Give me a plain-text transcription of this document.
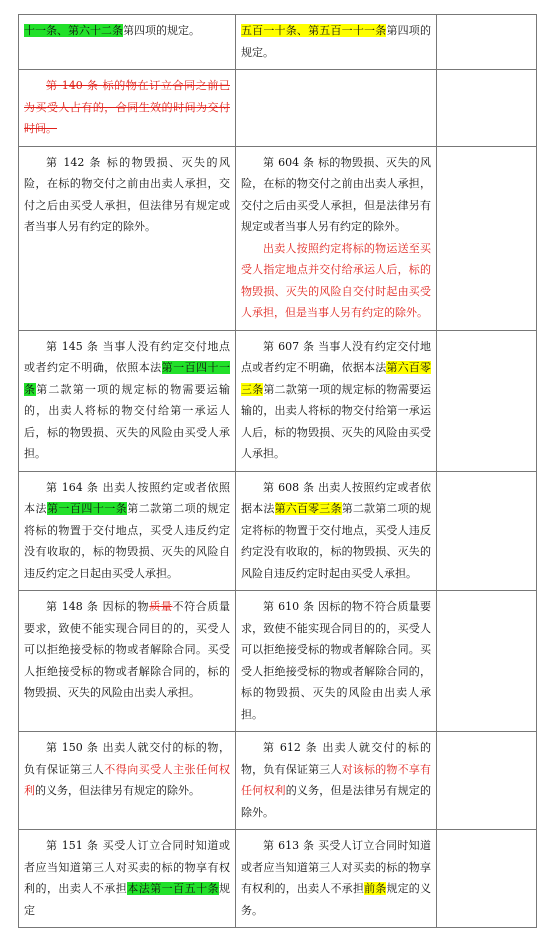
十一条、第六十二条第四项的规定。	五百一十条、第五百一十一条第四项的规定。	

第 140 条 标的物在订立合同之前已为买受人占有的，合同生效的时间为交付时间。		

第 142 条 标的物毁损、灭失的风险，在标的物交付之前由出卖人承担，交付之后由买受人承担，但法律另有规定或者当事人另有约定的除外。	第 604 条 标的物毁损、灭失的风险，在标的物交付之前由出卖人承担，交付之后由买受人承担，但是法律另有规定或者当事人另有约定的除外。

出卖人按照约定将标的物运送至买受人指定地点并交付给承运人后，标的物毁损、灭失的风险自交付时起由买受人承担，但是当事人另有约定的除外。	

第 145 条 当事人没有约定交付地点或者约定不明确，依照本法第一百四十一条第二款第一项的规定标的物需要运输的，出卖人将标的物交付给第一承运人后，标的物毁损、灭失的风险由买受人承担。	第 607 条 当事人没有约定交付地点或者约定不明确，依据本法第六百零三条第二款第一项的规定标的物需要运输的，出卖人将标的物交付给第一承运人后，标的物毁损、灭失的风险由买受人承担。	

第 164 条 出卖人按照约定或者依照本法第一百四十一条第二款第二项的规定将标的物置于交付地点，买受人违反约定没有收取的，标的物毁损、灭失的风险自违反约定之日起由买受人承担。	第 608 条 出卖人按照约定或者依据本法第六百零三条第二款第二项的规定将标的物置于交付地点，买受人违反约定没有收取的，标的物毁损、灭失的风险自违反约定时起由买受人承担。	

第 148 条 因标的物质量不符合质量要求，致使不能实现合同目的的，买受人可以拒绝接受标的物或者解除合同。买受人拒绝接受标的物或者解除合同的，标的物毁损、灭失的风险由出卖人承担。	第 610 条 因标的物不符合质量要求，致使不能实现合同目的的，买受人可以拒绝接受标的物或者解除合同。买受人拒绝接受标的物或者解除合同的，标的物毁损、灭失的风险由出卖人承担。	

第 150 条 出卖人就交付的标的物，负有保证第三人不得向买受人主张任何权利的义务，但法律另有规定的除外。	第 612 条 出卖人就交付的标的物，负有保证第三人对该标的物不享有任何权利的义务，但是法律另有规定的除外。	

第 151 条 买受人订立合同时知道或者应当知道第三人对买卖的标的物享有权利的，出卖人不承担本法第一百五十条规定	第 613 条 买受人订立合同时知道或者应当知道第三人对买卖的标的物享有权利的，出卖人不承担前条规定的义务。	
